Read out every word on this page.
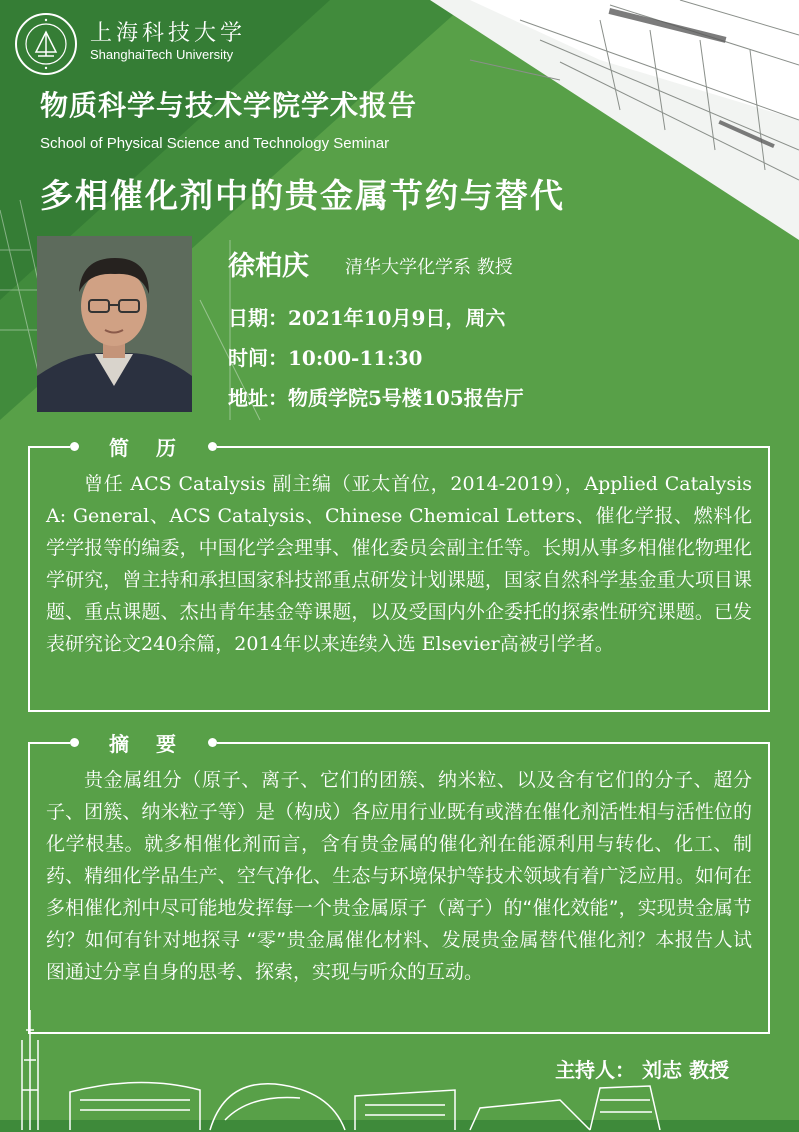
上海科技大学
ShanghaiTech University
物质科学与技术学院学术报告
School of Physical Science and Technology Seminar
多相催化剂中的贵金属节约与替代
徐柏庆 清华大学化学系 教授
日期：2021年10月9日，周六
时间：10:00-11:30
地址：物质学院5号楼105报告厅
简 历

曾任 ACS Catalysis 副主编（亚太首位，2014-2019），Applied Catalysis A: General、ACS Catalysis、Chinese Chemical Letters、催化学报、燃料化学学报等的编委，中国化学会理事、催化委员会副主任等。长期从事多相催化物理化学研究，曾主持和承担国家科技部重点研发计划课题，国家自然科学基金重大项目课题、重点课题、杰出青年基金等课题，以及受国内外企委托的探索性研究课题。已发表研究论文240余篇，2014年以来连续入选 Elsevier高被引学者。

摘 要

贵金属组分（原子、离子、它们的团簇、纳米粒、以及含有它们的分子、超分子、团簇、纳米粒子等）是（构成）各应用行业既有或潜在催化剂活性相与活性位的化学根基。就多相催化剂而言，含有贵金属的催化剂在能源利用与转化、化工、制药、精细化学品生产、空气净化、生态与环境保护等技术领域有着广泛应用。如何在多相催化剂中尽可能地发挥每一个贵金属原子（离子）的“催化效能”，实现贵金属节约？如何有针对地探寻 “零”贵金属催化材料、发展贵金属替代催化剂？本报告人试图通过分享自身的思考、探索，实现与听众的互动。

主持人： 刘志 教授
